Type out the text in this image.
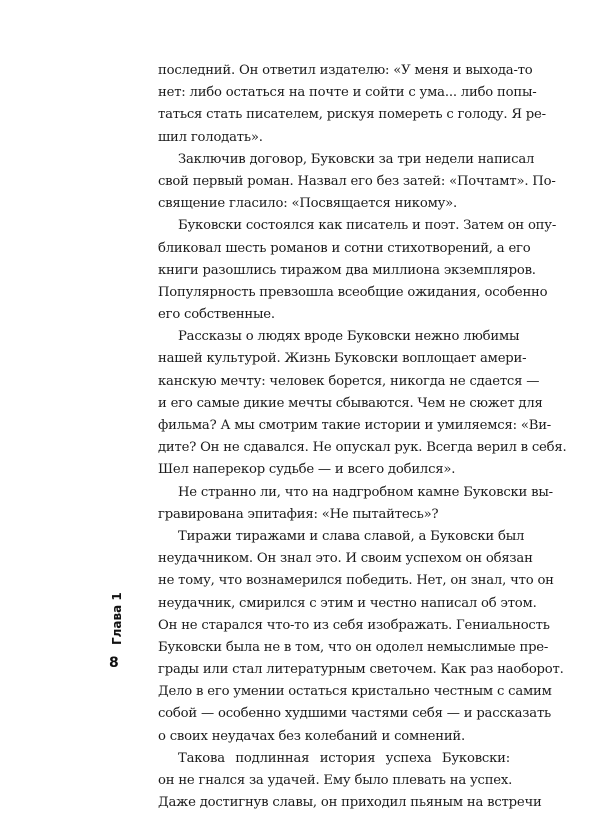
последний. Он ответил издателю: «У меня и выхода-то
нет: либо остаться на почте и сойти с ума... либо попы-
таться стать писателем, рискуя помереть с голоду. Я ре-
шил голодать».
Заключив договор, Буковски за три недели написал
свой первый роман. Назвал его без затей: «Почтамт». По-
священие гласило: «Посвящается никому».
Буковски состоялся как писатель и поэт. Затем он опу-
бликовал шесть романов и сотни стихотворений, а его
книги разошлись тиражом два миллиона экземпляров.
Популярность превзошла всеобщие ожидания, особенно
его собственные.
Рассказы о людях вроде Буковски нежно любимы
нашей культурой. Жизнь Буковски воплощает амери-
канскую мечту: человек борется, никогда не сдается —
и его самые дикие мечты сбываются. Чем не сюжет для
фильма? А мы смотрим такие истории и умиляемся: «Ви-
дите? Он не сдавался. Не опускал рук. Всегда верил в себя.
Шел наперекор судьбе — и всего добился».
Не странно ли, что на надгробном камне Буковски вы-
гравирована эпитафия: «Не пытайтесь»?
Тиражи тиражами и слава славой, а Буковски был
неудачником. Он знал это. И своим успехом он обязан
не тому, что вознамерился победить. Нет, он знал, что он
неудачник, смирился с этим и честно написал об этом.
Он не старался что-то из себя изображать. Гениальность
Буковски была не в том, что он одолел немыслимые пре-
грады или стал литературным светочем. Как раз наоборот.
Дело в его умении остаться кристально честным с самим
собой — особенно худшими частями себя — и рассказать
о своих неудачах без колебаний и сомнений.
Такова подлинная история успеха Буковски:
он не гнался за удачей. Ему было плевать на успех.
Даже достигнув славы, он приходил пьяным на встречи
Глава 1
8
